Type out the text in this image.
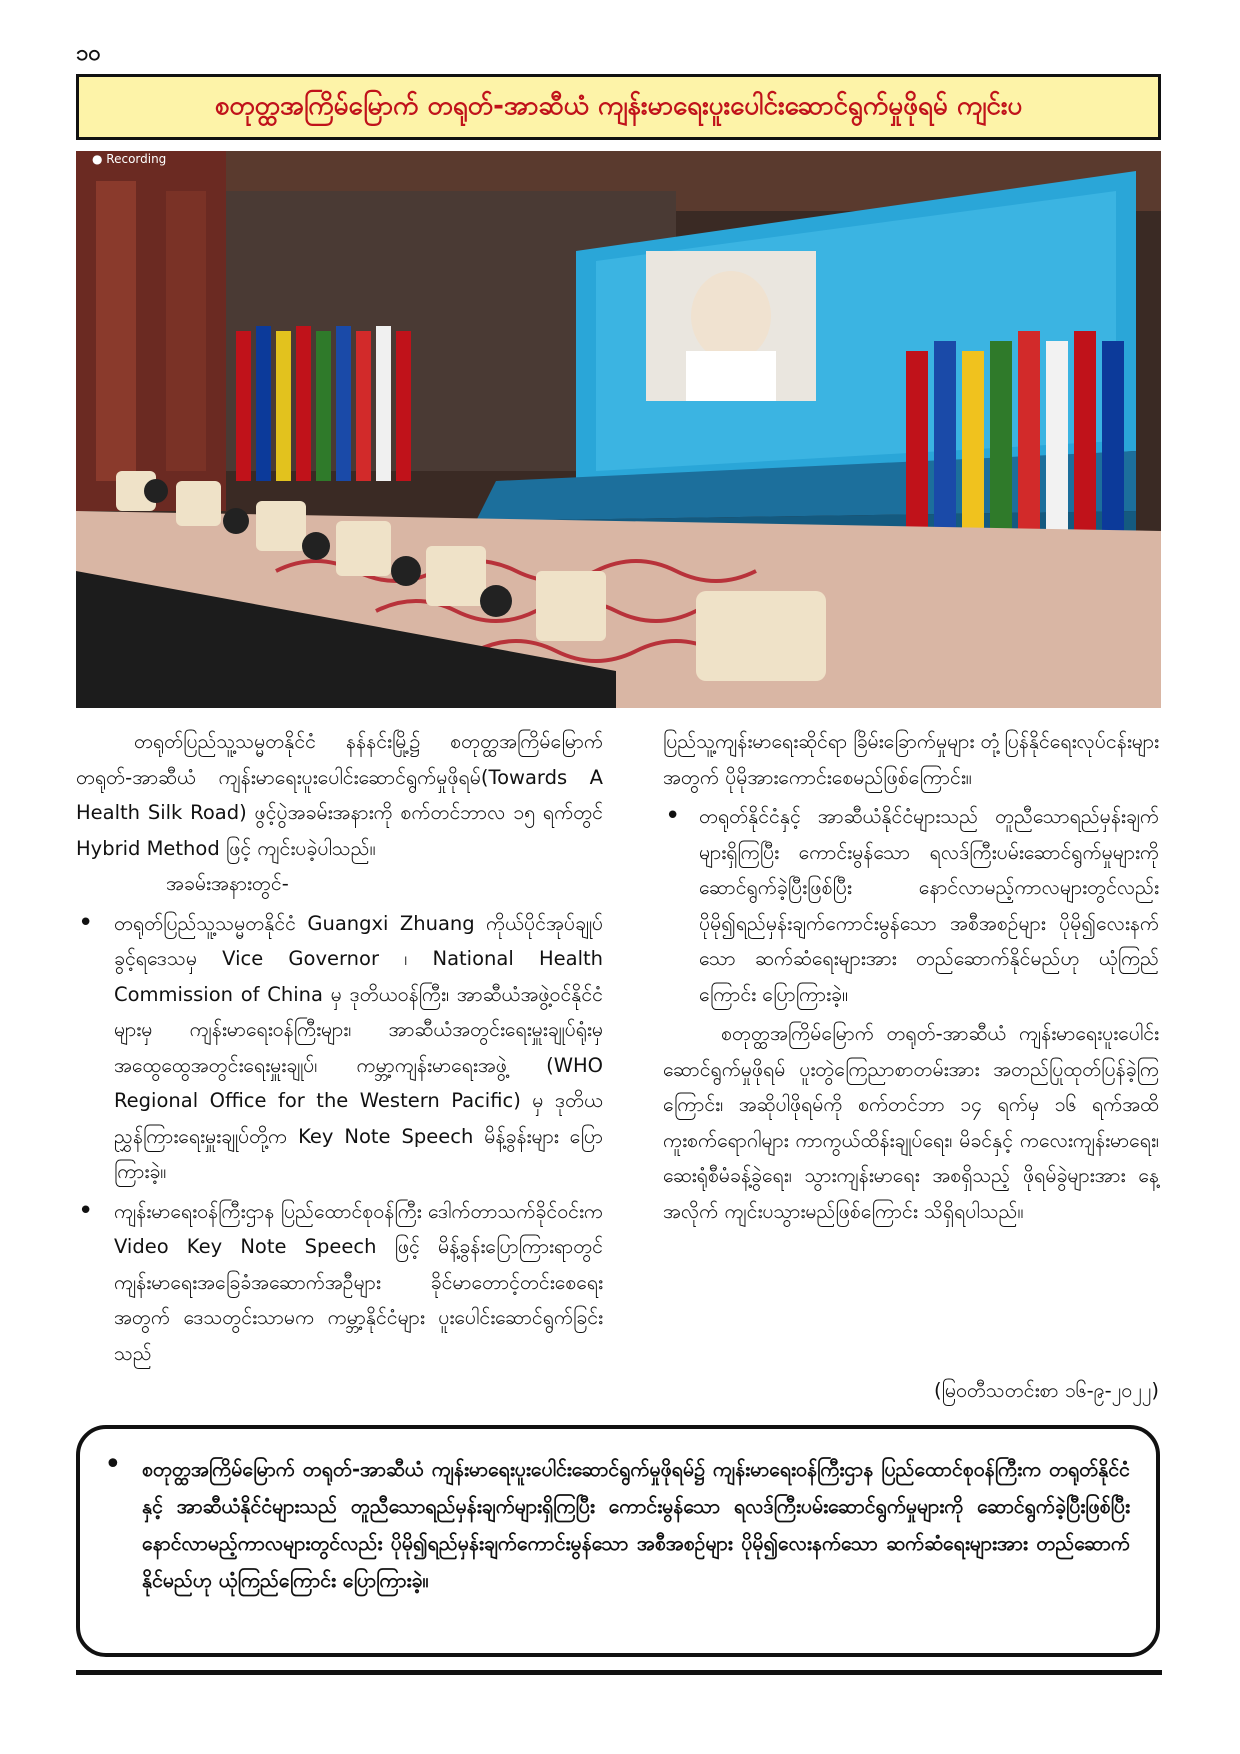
၁၀
စတုတ္ထအကြိမ်မြောက် တရုတ်-အာဆီယံ ကျန်းမာရေးပူးပေါင်းဆောင်ရွက်မှုဖိုရမ် ကျင်းပ
● Recording

တရုတ်ပြည်သူ့သမ္မတနိုင်ငံ နန်နင်းမြို့၌ စတုတ္ထအကြိမ်မြောက် တရုတ်-အာဆီယံ ကျန်းမာရေးပူးပေါင်းဆောင်ရွက်မှုဖိုရမ်(Towards A Health Silk Road) ဖွင့်ပွဲအခမ်းအနားကို စက်တင်ဘာလ ၁၅ ရက်တွင် Hybrid Method ဖြင့် ကျင်းပခဲ့ပါသည်။

အခမ်းအနားတွင်-

• တရုတ်ပြည်သူ့သမ္မတနိုင်ငံ Guangxi Zhuang ကိုယ်ပိုင်အုပ်ချုပ်ခွင့်ရဒေသမှ Vice Governor ၊ National Health Commission of China မှ ဒုတိယဝန်ကြီး၊ အာဆီယံအဖွဲ့ဝင်နိုင်ငံများမှ ကျန်းမာရေးဝန်ကြီးများ၊ အာဆီယံအတွင်းရေးမှူးချုပ်ရုံးမှ အထွေထွေအတွင်းရေးမှူးချုပ်၊ ကမ္ဘာ့ကျန်းမာရေးအဖွဲ့ (WHO Regional Office for the Western Pacific) မှ ဒုတိယညွှန်ကြားရေးမှူးချုပ်တို့က Key Note Speech မိန့်ခွန်းများ ပြောကြားခဲ့။
• ကျန်းမာရေးဝန်ကြီးဌာန ပြည်ထောင်စုဝန်ကြီး ဒေါက်တာသက်ခိုင်ဝင်းက Video Key Note Speech ဖြင့် မိန့်ခွန်းပြောကြားရာတွင် ကျန်းမာရေးအခြေခံအဆောက်အဦများ ခိုင်မာတောင့်တင်းစေရေးအတွက် ဒေသတွင်းသာမက ကမ္ဘာ့နိုင်ငံများ ပူးပေါင်းဆောင်ရွက်ခြင်းသည်

ပြည်သူ့ကျန်းမာရေးဆိုင်ရာ ခြိမ်းခြောက်မှုများ တုံ့ပြန်နိုင်ရေးလုပ်ငန်းများအတွက် ပိုမိုအားကောင်းစေမည်ဖြစ်ကြောင်း။

• တရုတ်နိုင်ငံနှင့် အာဆီယံနိုင်ငံများသည် တူညီသောရည်မှန်းချက်များရှိကြပြီး ကောင်းမွန်သော ရလဒ်ကြီးပမ်းဆောင်ရွက်မှုများကို ဆောင်ရွက်ခဲ့ပြီးဖြစ်ပြီး နောင်လာမည့်ကာလများတွင်လည်း ပိုမို၍ရည်မှန်းချက်ကောင်းမွန်သော အစီအစဉ်များ ပိုမို၍လေးနက်သော ဆက်ဆံရေးများအား တည်ဆောက်နိုင်မည်ဟု ယုံကြည်ကြောင်း ပြောကြားခဲ့။

စတုတ္ထအကြိမ်မြောက် တရုတ်-အာဆီယံ ကျန်းမာရေးပူးပေါင်းဆောင်ရွက်မှုဖိုရမ် ပူးတွဲကြေညာစာတမ်းအား အတည်ပြုထုတ်ပြန်ခဲ့ကြကြောင်း၊ အဆိုပါဖိုရမ်ကို စက်တင်ဘာ ၁၄ ရက်မှ ၁၆ ရက်အထိ ကူးစက်ရောဂါများ ကာကွယ်ထိန်းချုပ်ရေး၊ မိခင်နှင့် ကလေးကျန်းမာရေး၊ ဆေးရုံစီမံခန့်ခွဲရေး၊ သွားကျန်းမာရေး အစရှိသည့် ဖိုရမ်ခွဲများအား နေ့အလိုက် ကျင်းပသွားမည်ဖြစ်ကြောင်း သိရှိရပါသည်။

(မြဝတီသတင်းစာ ၁၆-၉-၂၀၂၂)
• စတုတ္ထအကြိမ်မြောက် တရုတ်-အာဆီယံ ကျန်းမာရေးပူးပေါင်းဆောင်ရွက်မှုဖိုရမ်၌ ကျန်းမာရေးဝန်ကြီးဌာန ပြည်ထောင်စုဝန်ကြီးက တရုတ်နိုင်ငံနှင့် အာဆီယံနိုင်ငံများသည် တူညီသောရည်မှန်းချက်များရှိကြပြီး ကောင်းမွန်သော ရလဒ်ကြီးပမ်းဆောင်ရွက်မှုများကို ဆောင်ရွက်ခဲ့ပြီးဖြစ်ပြီး နောင်လာမည့်ကာလများတွင်လည်း ပိုမို၍ရည်မှန်းချက်ကောင်းမွန်သော အစီအစဉ်များ ပိုမို၍လေးနက်သော ဆက်ဆံရေးများအား တည်ဆောက်နိုင်မည်ဟု ယုံကြည်ကြောင်း ပြောကြားခဲ့။
